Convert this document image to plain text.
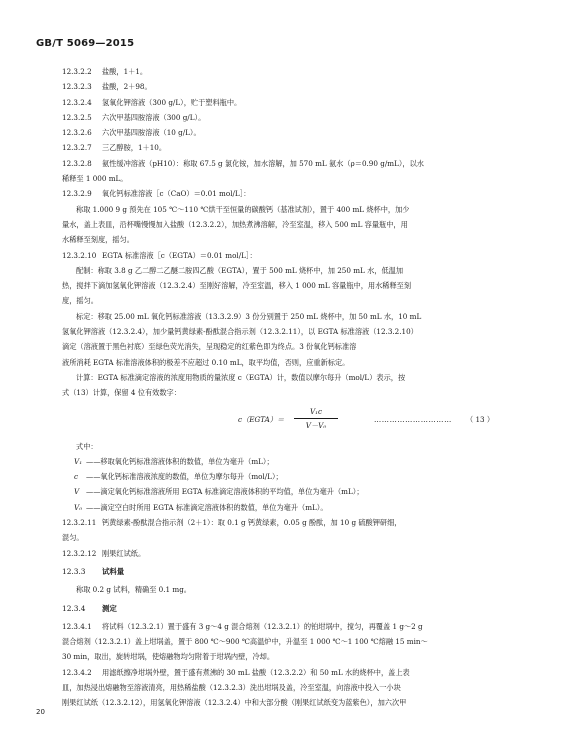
GB/T 5069—2015
12.3.2.2	盐酸，1＋1。
12.3.2.3	盐酸，2＋98。
12.3.2.4	氢氧化钾溶液（300 g/L），贮于塑料瓶中。
12.3.2.5	六次甲基四胺溶液（300 g/L）。
12.3.2.6	六次甲基四胺溶液（10 g/L）。
12.3.2.7	三乙醇胺，1＋10。
12.3.2.8	氨性缓冲溶液（pH10）：称取 67.5 g 氯化铵，加水溶解，加 570 mL 氨水（ρ＝0.90 g/mL），以水
稀释至 1 000 mL。
12.3.2.9	氧化钙标准溶液［c（CaO）＝0.01 mol/L］：
称取 1.000 9 g 预先在 105 ℃～110 ℃烘干至恒量的碳酸钙（基准试剂），置于 400 mL 烧杯中，加少
量水，盖上表皿，沿杯嘴慢慢加入盐酸（12.3.2.2），加热煮沸溶解，冷至室温，移入 500 mL 容量瓶中，用
水稀释至刻度，摇匀。
12.3.2.10 EGTA 标准溶液［c（EGTA）＝0.01 mol/L］：
配制：称取 3.8 g 乙二醇二乙醚二胺四乙酸（EGTA），置于 500 mL 烧杯中，加 250 mL 水，低温加
热，搅拌下滴加氢氧化钾溶液（12.3.2.4）至刚好溶解，冷至室温，移入 1 000 mL 容量瓶中，用水稀释至刻
度，摇匀。
标定：移取 25.00 mL 氧化钙标准溶液（13.3.2.9）3 份分别置于 250 mL 烧杯中，加 50 mL 水，10 mL
氢氧化钾溶液（12.3.2.4），加少量钙黄绿素-酚酞混合指示剂（12.3.2.11），以 EGTA 标准溶液（12.3.2.10）
滴定（溶液置于黑色衬底）至绿色荧光消失，呈现稳定的红紫色即为终点。3 份氧化钙标准溶
液所消耗 EGTA 标准溶液体积的极差不应超过 0.10 mL，取平均值，否则，应重新标定。
计算：EGTA 标准滴定溶液的浓度用物质的量浓度 c（EGTA）计，数值以摩尔每升（mol/L）表示，按
式（13）计算，保留 4 位有效数字：
c（EGTA）＝ $\frac{\text{V₁c}}{\text{V－V₀}}$	………………………… （ 13 ）
式中：
V₁ ——移取氧化钙标准溶液体积的数值，单位为毫升（mL）；
c	——氧化钙标准溶液浓度的数值，单位为摩尔每升（mol/L）；
V ——滴定氧化钙标准溶液所用 EGTA 标准滴定溶液体积的平均值，单位为毫升（mL）；
V₀ ——滴定空白时所用 EGTA 标准滴定溶液体积的数值，单位为毫升（mL）。
12.3.2.11 钙黄绿素-酚酞混合指示剂（2＋1）：取 0.1 g 钙黄绿素，0.05 g 酚酞，加 10 g 硫酸钾研细，
混匀。
12.3.2.12 刚果红试纸。
12.3.3	试料量
称取 0.2 g 试料，精确至 0.1 mg。
12.3.4	测定
12.3.4.1	将试料（12.3.2.1）置于盛有 3 g～4 g 混合熔剂（12.3.2.1）的铂坩埚中，搅匀，再覆盖 1 g～2 g
混合熔剂（12.3.2.1）盖上坩埚盖，置于 800 ℃～900 ℃高温炉中，升温至 1 000 ℃～1 100 ℃熔融 15 min～
30 min，取出，旋转坩埚，使熔融物均匀附着于坩埚内壁，冷却。
12.3.4.2	用滤纸擦净坩埚外壁，置于盛有煮沸的 30 mL 盐酸（12.3.2.2）和 50 mL 水的烧杯中，盖上表
皿，加热浸出熔融物至溶液清亮，用热稀盐酸（12.3.2.3）洗出坩埚及盖，冷至室温，向溶液中投入一小块
刚果红试纸（12.3.2.12），用氢氧化钾溶液（12.3.2.4）中和大部分酸（刚果红试纸变为蓝紫色），加六次甲
20
